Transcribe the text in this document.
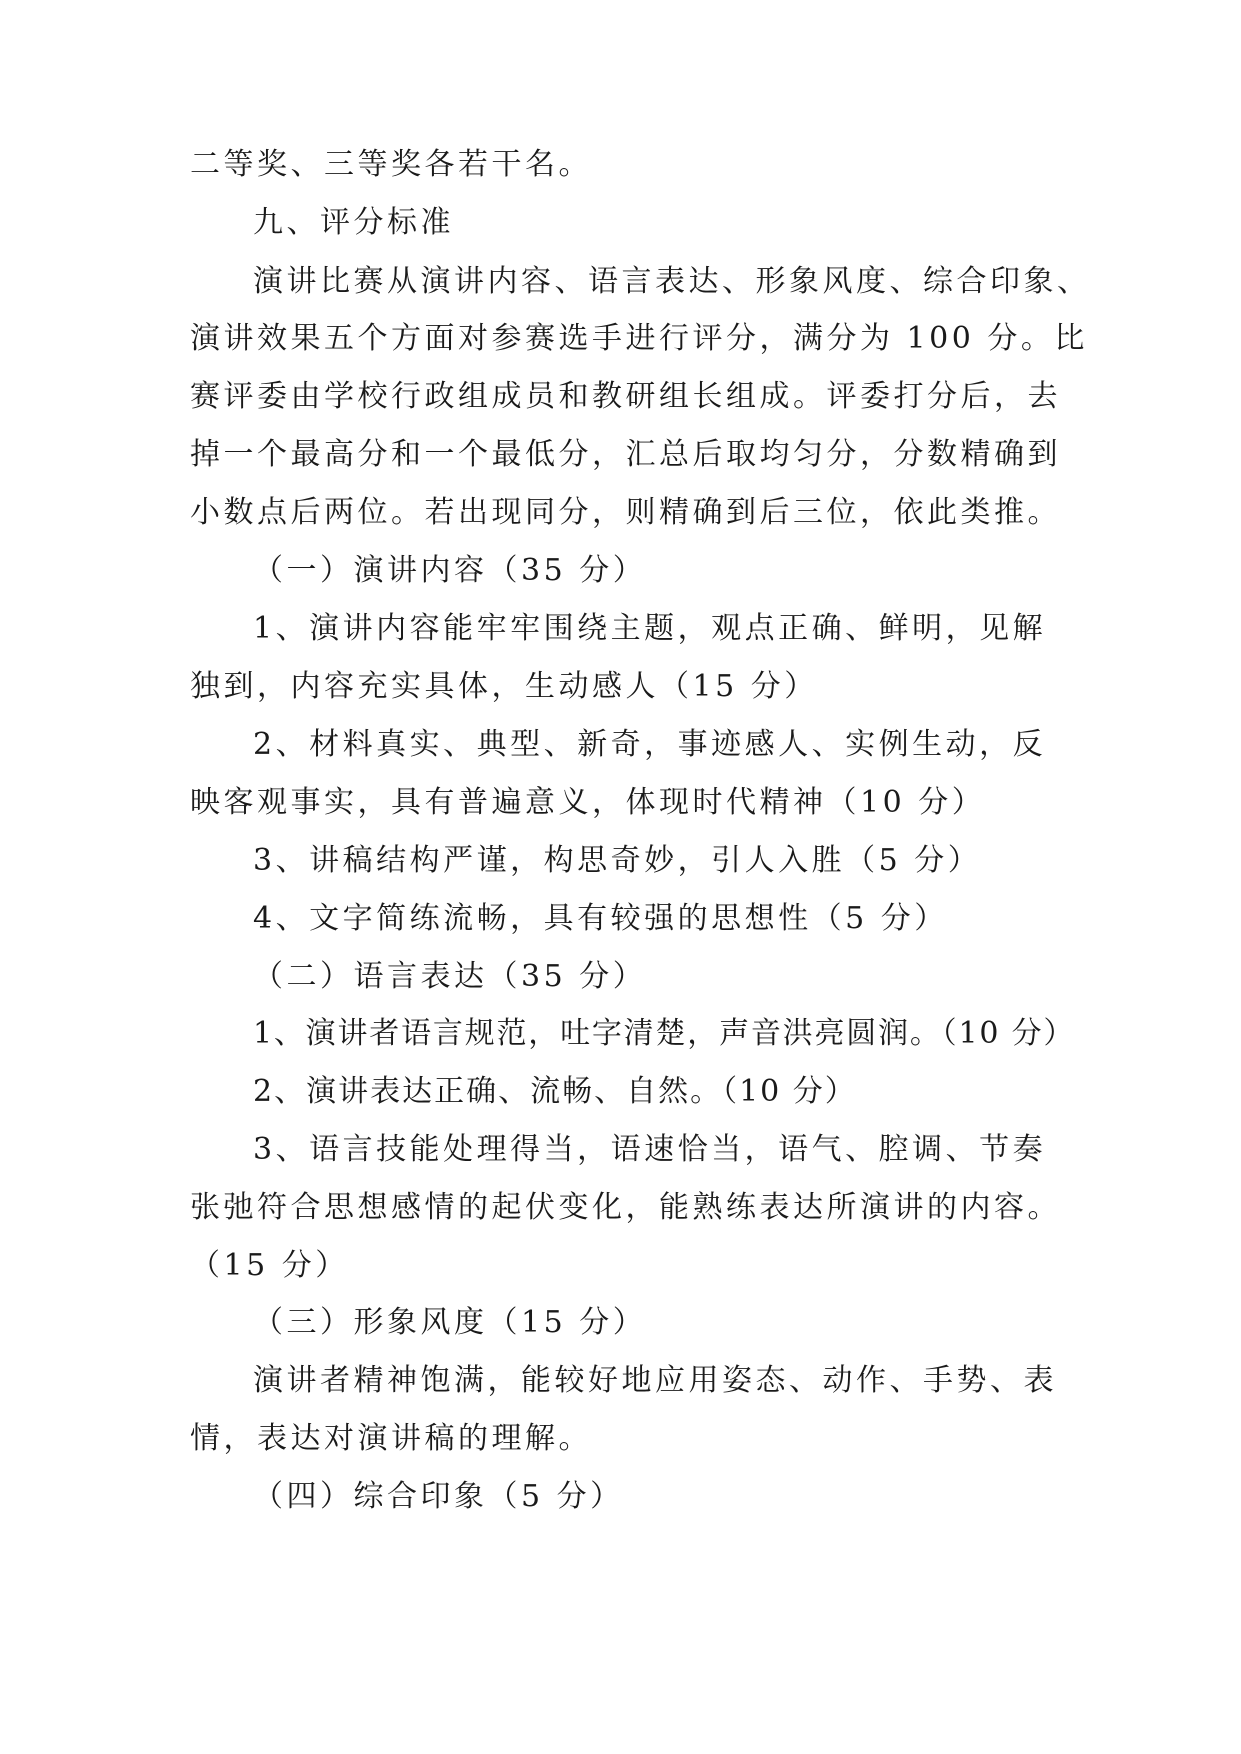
二等奖、三等奖各若干名。
九、评分标准
演讲比赛从演讲内容、语言表达、形象风度、综合印象、
演讲效果五个方面对参赛选手进行评分，满分为 100 分。比
赛评委由学校行政组成员和教研组长组成。评委打分后，去
掉一个最高分和一个最低分，汇总后取均匀分，分数精确到
小数点后两位。若出现同分，则精确到后三位，依此类推。
（一）演讲内容（35 分）
1、演讲内容能牢牢围绕主题，观点正确、鲜明，见解
独到，内容充实具体，生动感人（15 分）
2、材料真实、典型、新奇，事迹感人、实例生动，反
映客观事实，具有普遍意义，体现时代精神（10 分）
3、讲稿结构严谨，构思奇妙，引人入胜（5 分）
4、文字简练流畅，具有较强的思想性（5 分）
（二）语言表达（35 分）
1、演讲者语言规范，吐字清楚，声音洪亮圆润。（10 分）
2、演讲表达正确、流畅、自然。（10 分）
3、语言技能处理得当，语速恰当，语气、腔调、节奏
张弛符合思想感情的起伏变化，能熟练表达所演讲的内容。
（15 分）
（三）形象风度（15 分）
演讲者精神饱满，能较好地应用姿态、动作、手势、表
情，表达对演讲稿的理解。
（四）综合印象（5 分）
